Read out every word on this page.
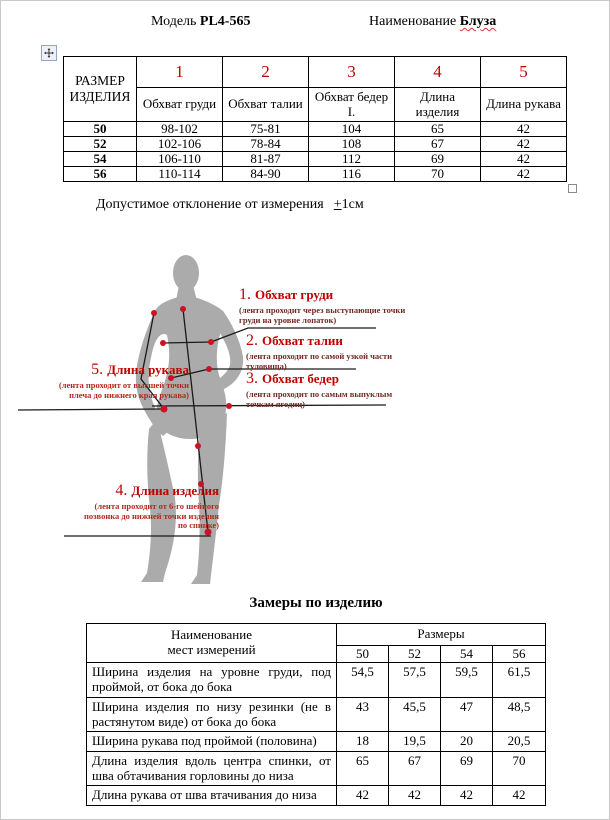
Модель PL4-565	Наименование Блуза
РАЗМЕР
ИЗДЕЛИЯ	1	2	3	4	5
	Обхват груди	Обхват талии	Обхват бедер I.	Длина изделия	Длина рукава
50	98-102	75-81	104	65	42
52	102-106	78-84	108	67	42
54	106-110	81-87	112	69	42
56	110-114	84-90	116	70	42
Допустимое отклонение от измерения +1см
1. Обхват груди
(лента проходит через выступающие точки груди на уровне лопаток)
2. Обхват талии
(лента проходит по самой узкой части туловища)
3. Обхват бедер
(лента проходит по самым выпуклым точкам ягодиц)
5. Длина рукава
(лента проходит от высшей точки плеча до нижнего края рукава)
4. Длина изделия
(лента проходит от 6-го шейного позвонка до нижней точки изделия по спинке)
Замеры по изделию
Наименование
мест измерений	Размеры			
	50	52	54	56
Ширина изделия на уровне груди, под проймой, от бока до бока	54,5	57,5	59,5	61,5
Ширина изделия по низу резинки (не в растянутом виде) от бока до бока	43	45,5	47	48,5
Ширина рукава под проймой (половина)	18	19,5	20	20,5
Длина изделия вдоль центра спинки, от шва обтачивания горловины до низа	65	67	69	70
Длина рукава от шва втачивания до низа	42	42	42	42
